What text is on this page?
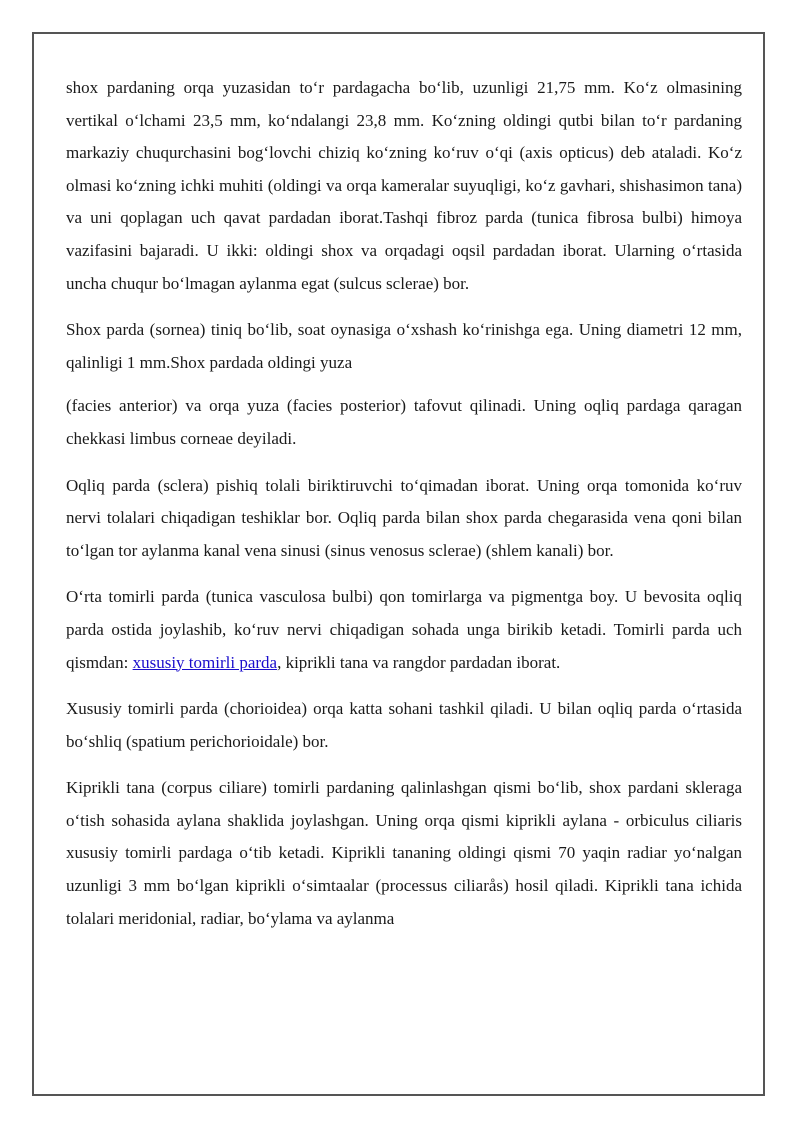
shox pardaning orqa yuzasidan to‘r pardagacha bo‘lib, uzunligi 21,75 mm. Ko‘z olmasining vertikal o‘lchami 23,5 mm, ko‘ndalangi 23,8 mm. Ko‘zning oldingi qutbi bilan to‘r pardaning markaziy chuqurchasini bog‘lovchi chiziq ko‘zning ko‘ruv o‘qi (axis opticus) deb ataladi. Ko‘z olmasi ko‘zning ichki muhiti (oldingi va orqa kameralar suyuqligi, ko‘z gavhari, shishasimon tana) va uni qoplagan uch qavat pardadan iborat.Tashqi fibroz parda (tunica fibrosa bulbi) himoya vazifasini bajaradi. U ikki: oldingi shox va orqadagi oqsil pardadan iborat. Ularning o‘rtasida uncha chuqur bo‘lmagan aylanma egat (sulcus sclerae) bor.

Shox parda (sornea) tiniq bo‘lib, soat oynasiga o‘xshash ko‘rinishga ega. Uning diametri 12 mm, qalinligi 1 mm.Shox pardada oldingi yuza

(facies anterior) va orqa yuza (facies posterior) tafovut qilinadi. Uning oqliq pardaga qaragan chekkasi limbus corneae deyiladi.

Oqliq parda (sclera) pishiq tolali biriktiruvchi to‘qimadan iborat. Uning orqa tomonida ko‘ruv nervi tolalari chiqadigan teshiklar bor. Oqliq parda bilan shox parda chegarasida vena qoni bilan to‘lgan tor aylanma kanal vena sinusi (sinus venosus sclerae) (shlem kanali) bor.

O‘rta tomirli parda (tunica vasculosa bulbi) qon tomirlarga va pigmentga boy. U bevosita oqliq parda ostida joylashib, ko‘ruv nervi chiqadigan sohada unga birikib ketadi. Tomirli parda uch qismdan: xususiy tomirli parda, kiprikli tana va rangdor pardadan iborat.

Xususiy tomirli parda (chorioidea) orqa katta sohani tashkil qiladi. U bilan oqliq parda o‘rtasida bo‘shliq (spatium perichorioidale) bor.

Kiprikli tana (corpus ciliare) tomirli pardaning qalinlashgan qismi bo‘lib, shox pardani skleraga o‘tish sohasida aylana shaklida joylashgan. Uning orqa qismi kiprikli aylana - orbiculus ciliaris xususiy tomirli pardaga o‘tib ketadi. Kiprikli tananing oldingi qismi 70 yaqin radiar yo‘nalgan uzunligi 3 mm bo‘lgan kiprikli o‘simtaalar (processus ciliarås) hosil qiladi. Kiprikli tana ichida tolalari meridonial, radiar, bo‘ylama va aylanma
